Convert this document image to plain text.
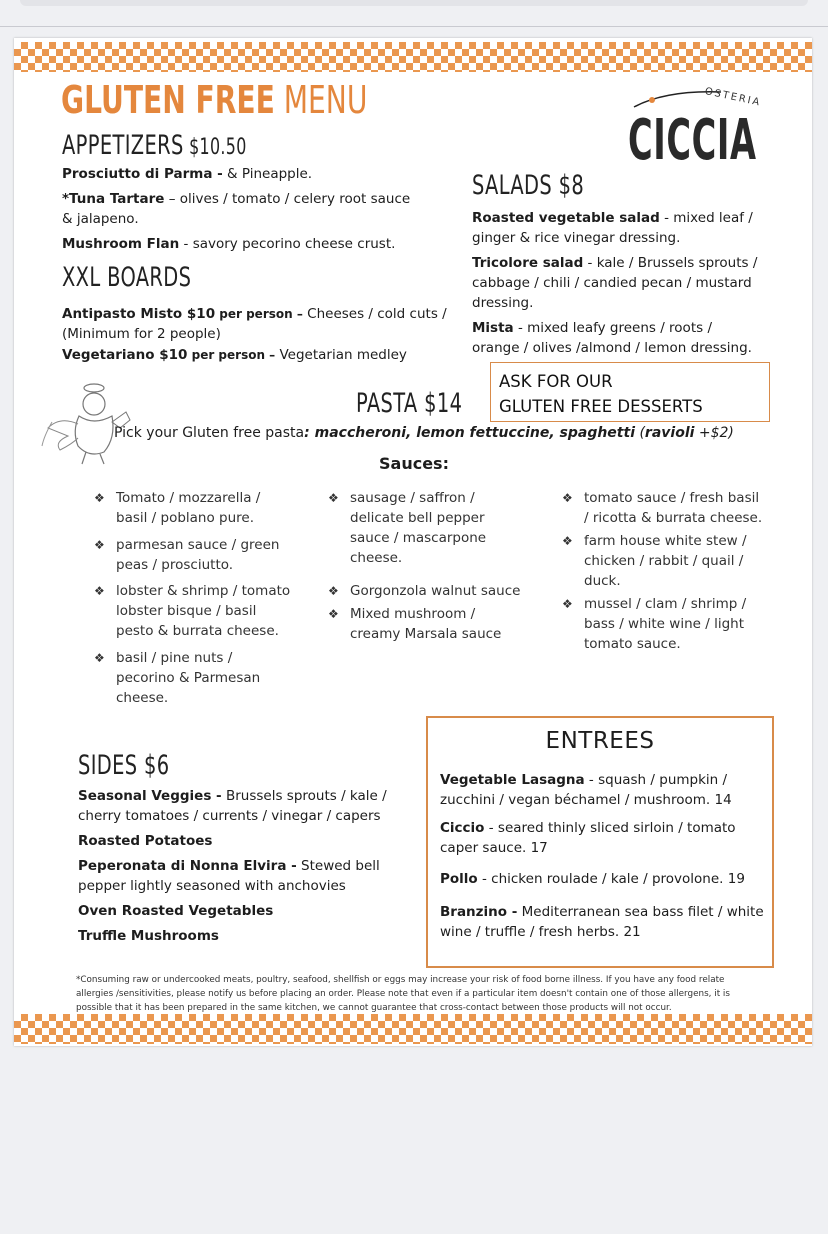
GLUTEN FREE MENU	OSTERIA
CICCIA
APPETIZERS $10.50
Prosciutto di Parma - & Pineapple.
*Tuna Tartare – olives / tomato / celery root sauce
& jalapeno.
Mushroom Flan - savory pecorino cheese crust.
XXL BOARDS
Antipasto Misto $10 per person – Cheeses / cold cuts /
(Minimum for 2 people)
Vegetariano $10 per person – Vegetarian medley
SALADS $8
Roasted vegetable salad - mixed leaf /
ginger & rice vinegar dressing.
Tricolore salad - kale / Brussels sprouts /
cabbage / chili / candied pecan / mustard
dressing.
Mista - mixed leafy greens / roots /
orange / olives /almond / lemon dressing.
ASK FOR OUR
GLUTEN FREE DESSERTS
PASTA $14
Pick your Gluten free pasta: maccheroni, lemon fettuccine, spaghetti (ravioli +$2)
Sauces:
❖ Tomato / mozzarella /
basil / poblano pure.
❖ parmesan sauce / green
peas / prosciutto.
❖ lobster & shrimp / tomato
lobster bisque / basil
pesto & burrata cheese.
❖ basil / pine nuts /
pecorino & Parmesan
cheese.
❖ sausage / saffron /
delicate bell pepper
sauce / mascarpone
cheese.
❖ Gorgonzola walnut sauce
❖ Mixed mushroom /
creamy Marsala sauce
❖ tomato sauce / fresh basil
/ ricotta & burrata cheese.
❖ farm house white stew /
chicken / rabbit / quail /
duck.
❖ mussel / clam / shrimp /
bass / white wine / light
tomato sauce.
SIDES $6
Seasonal Veggies - Brussels sprouts / kale /
cherry tomatoes / currents / vinegar / capers
Roasted Potatoes
Peperonata di Nonna Elvira - Stewed bell
pepper lightly seasoned with anchovies
Oven Roasted Vegetables
Truffle Mushrooms
ENTREES
Vegetable Lasagna - squash / pumpkin /
zucchini / vegan béchamel / mushroom. 14
Ciccio - seared thinly sliced sirloin / tomato
caper sauce. 17
Pollo - chicken roulade / kale / provolone. 19
Branzino - Mediterranean sea bass filet / white
wine / truffle / fresh herbs. 21
*Consuming raw or undercooked meats, poultry, seafood, shellfish or eggs may increase your risk of food borne illness. If you have any food relate
allergies /sensitivities, please notify us before placing an order. Please note that even if a particular item doesn't contain one of those allergens, it is
possible that it has been prepared in the same kitchen, we cannot guarantee that cross-contact between those products will not occur.
